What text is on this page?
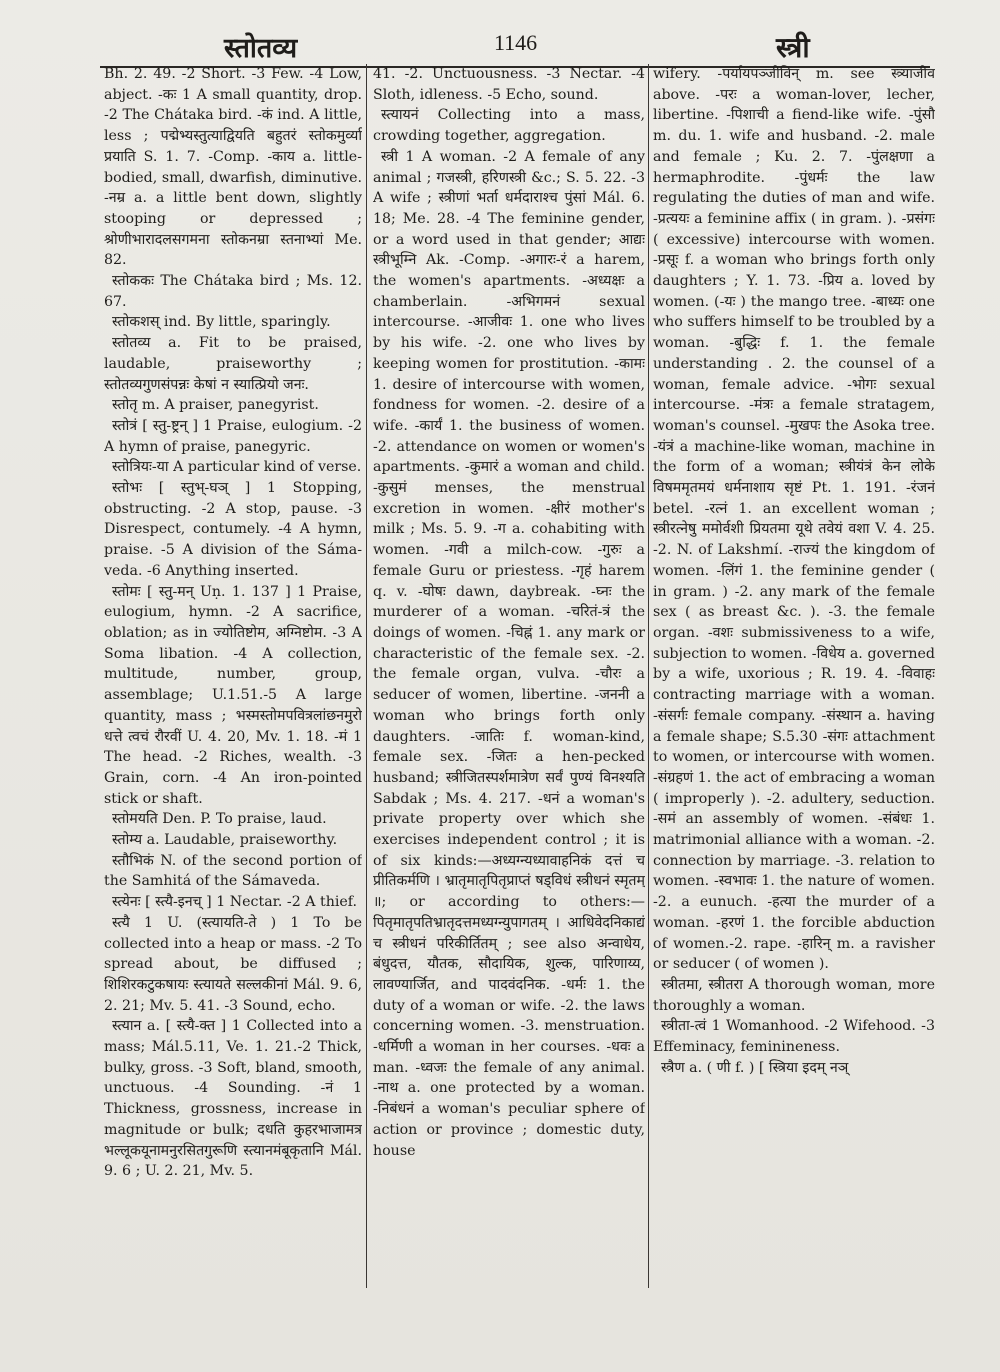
स्तोतव्य	1146	स्त्री

Bh. 2. 49. -2 Short. -3 Few. -4 Low, abject. -कः 1 A small quantity, drop. -2 The Chátaka bird. -कं ind. A little, less ; पद्मेभ्यस्तुत्याद्वियति बहुतरं स्तोकमुर्व्या प्रयाति S. 1. 7. -Comp. -काय a. little-bodied, small, dwarfish, diminutive. -नम्र a. a little bent down, slightly stooping or depressed ; श्रोणीभारादलसगमना स्तोकनम्रा स्तनाभ्यां Me. 82.

स्तोककः The Chátaka bird ; Ms. 12. 67.

स्तोकशस् ind. By little, sparingly.

स्तोतव्य a. Fit to be praised, laudable, praiseworthy ; स्तोतव्यगुणसंपन्नः केषां न स्यात्प्रियो जनः.

स्तोतृ m. A praiser, panegyrist.

स्तोत्रं [ स्तु-ष्ट्रन् ] 1 Praise, eulogium. -2 A hymn of praise, panegyric.

स्तोत्रियः-या A particular kind of verse.

स्तोभः [ स्तुभ्-घञ् ] 1 Stopping, obstructing. -2 A stop, pause. -3 Disrespect, contumely. -4 A hymn, praise. -5 A division of the Sáma-veda. -6 Anything inserted.

स्तोमः [ स्तु-मन् Uṇ. 1. 137 ] 1 Praise, eulogium, hymn. -2 A sacrifice, oblation; as in ज्योतिष्टोम, अग्निष्टोम. -3 A Soma libation. -4 A collection, multitude, number, group, assemblage; U.1.51.-5 A large quantity, mass ; भस्मस्तोमपवित्रलांछनमुरो धत्ते त्वचं रौरवीं U. 4. 20, Mv. 1. 18. -मं 1 The head. -2 Riches, wealth. -3 Grain, corn. -4 An iron-pointed stick or shaft.

स्तोमयति Den. P. To praise, laud.

स्तोम्य a. Laudable, praiseworthy.

स्तौभिकं N. of the second portion of the Samhitá of the Sámaveda.

स्त्येनः [ स्त्यै-इनच् ] 1 Nectar. -2 A thief.

स्त्यै 1 U. (स्त्यायति-ते ) 1 To be collected into a heap or mass. -2 To spread about, be diffused ; शिशिरकटुकषायः स्त्यायते सल्लकीनां Mál. 9. 6, 2. 21; Mv. 5. 41. -3 Sound, echo.

स्त्यान a. [ स्त्यै-क्त ] 1 Collected into a mass; Mál.5.11, Ve. 1. 21.-2 Thick, bulky, gross. -3 Soft, bland, smooth, unctuous. -4 Sounding. -नं 1 Thickness, grossness, increase in magnitude or bulk; दधति कुहरभाजामत्र भल्लूकयूनामनुरसितगुरूणि स्त्यानमंबूकृतानि Mál. 9. 6 ; U. 2. 21, Mv. 5.

41. -2. Unctuousness. -3 Nectar. -4 Sloth, idleness. -5 Echo, sound.

स्त्यायनं Collecting into a mass, crowding together, aggregation.

स्त्री 1 A woman. -2 A female of any animal ; गजस्त्री, हरिणस्त्री &c.; S. 5. 22. -3 A wife ; स्त्रीणां भर्ता धर्मदाराश्च पुंसां Mál. 6. 18; Me. 28. -4 The feminine gender, or a word used in that gender; आद्यः स्त्रीभूम्नि Ak. -Comp. -अगारः-रं a harem, the women's apartments. -अध्यक्षः a chamberlain. -अभिगमनं sexual intercourse. -आजीवः 1. one who lives by his wife. -2. one who lives by keeping women for prostitution. -कामः 1. desire of intercourse with women, fondness for women. -2. desire of a wife. -कार्यं 1. the business of women. -2. attendance on women or women's apartments. -कुमारं a woman and child. -कुसुमं menses, the menstrual excretion in women. -क्षीरं mother's milk ; Ms. 5. 9. -ग a. cohabiting with women. -गवी a milch-cow. -गुरुः a female Guru or priestess. -गृहं harem q. v. -घोषः dawn, daybreak. -घ्नः the murderer of a woman. -चरितं-त्रं the doings of women. -चिह्नं 1. any mark or characteristic of the female sex. -2. the female organ, vulva. -चौरः a seducer of women, libertine. -जननी a woman who brings forth only daughters. -जातिः f. woman-kind, female sex. -जितः a hen-pecked husband; स्त्रीजितस्पर्शमात्रेण सर्वं पुण्यं विनश्यति Sabdak ; Ms. 4. 217. -धनं a woman's private property over which she exercises independent control ; it is of six kinds:—अध्यग्न्यध्यावाहनिकं दत्तं च प्रीतिकर्मणि । भ्रातृमातृपितृप्राप्तं षड्विधं स्त्रीधनं स्मृतम् ॥; or according to others:—पितृमातृपतिभ्रातृदत्तमध्यग्न्युपागतम् । आधिवेदनिकाद्यं च स्त्रीधनं परिकीर्तितम् ; see also अन्वाधेय, बंधुदत्त, यौतक, सौदायिक, शुल्क, पारिणाय्य, लावण्यार्जित, and पादवंदनिक. -धर्मः 1. the duty of a woman or wife. -2. the laws concerning women. -3. menstruation. -धर्मिणी a woman in her courses. -धवः a man. -ध्वजः the female of any animal. -नाथ a. one protected by a woman. -निबंधनं a woman's peculiar sphere of action or province ; domestic duty, house

wifery. -पर्यायपञ्जीविन् m. see स्त्र्याजीव above. -परः a woman-lover, lecher, libertine. -पिशाची a fiend-like wife. -पुंसौ m. du. 1. wife and husband. -2. male and female ; Ku. 2. 7. -पुंलक्षणा a hermaphrodite. -पुंधर्मः the law regulating the duties of man and wife. -प्रत्ययः a feminine affix ( in gram. ). -प्रसंगः ( excessive) intercourse with women. -प्रसूः f. a woman who brings forth only daughters ; Y. 1. 73. -प्रिय a. loved by women. (-यः ) the mango tree. -बाध्यः one who suffers himself to be troubled by a woman. -बुद्धिः f. 1. the female understanding . 2. the counsel of a woman, female advice. -भोगः sexual intercourse. -मंत्रः a female stratagem, woman's counsel. -मुखपः the Asoka tree. -यंत्रं a machine-like woman, machine in the form of a woman; स्त्रीयंत्रं केन लोके विषममृतमयं धर्मनाशाय सृष्टं Pt. 1. 191. -रंजनं betel. -रत्नं 1. an excellent woman ; स्त्रीरत्नेषु ममोर्वशी प्रियतमा यूथे तवेयं वशा V. 4. 25. -2. N. of Lakshmí. -राज्यं the kingdom of women. -लिंगं 1. the feminine gender ( in gram. ) -2. any mark of the female sex ( as breast &c. ). -3. the female organ. -वशः submissiveness to a wife, subjection to women. -विधेय a. governed by a wife, uxorious ; R. 19. 4. -विवाहः contracting marriage with a woman. -संसर्गः female company. -संस्थान a. having a female shape; S.5.30 -संगः attachment to women, or intercourse with women. -संग्रहणं 1. the act of embracing a woman ( improperly ). -2. adultery, seduction. -समं an assembly of women. -संबंधः 1. matrimonial alliance with a woman. -2. connection by marriage. -3. relation to women. -स्वभावः 1. the nature of women. -2. a eunuch. -हत्या the murder of a woman. -हरणं 1. the forcible abduction of women.-2. rape. -हारिन् m. a ravisher or seducer ( of women ).

स्त्रीतमा, स्त्रीतरा A thorough woman, more thoroughly a woman.

स्त्रीता-त्वं 1 Womanhood. -2 Wifehood. -3 Effeminacy, feminineness.

स्त्रैण a. ( णी f. ) [ स्त्रिया इदम् नञ्
